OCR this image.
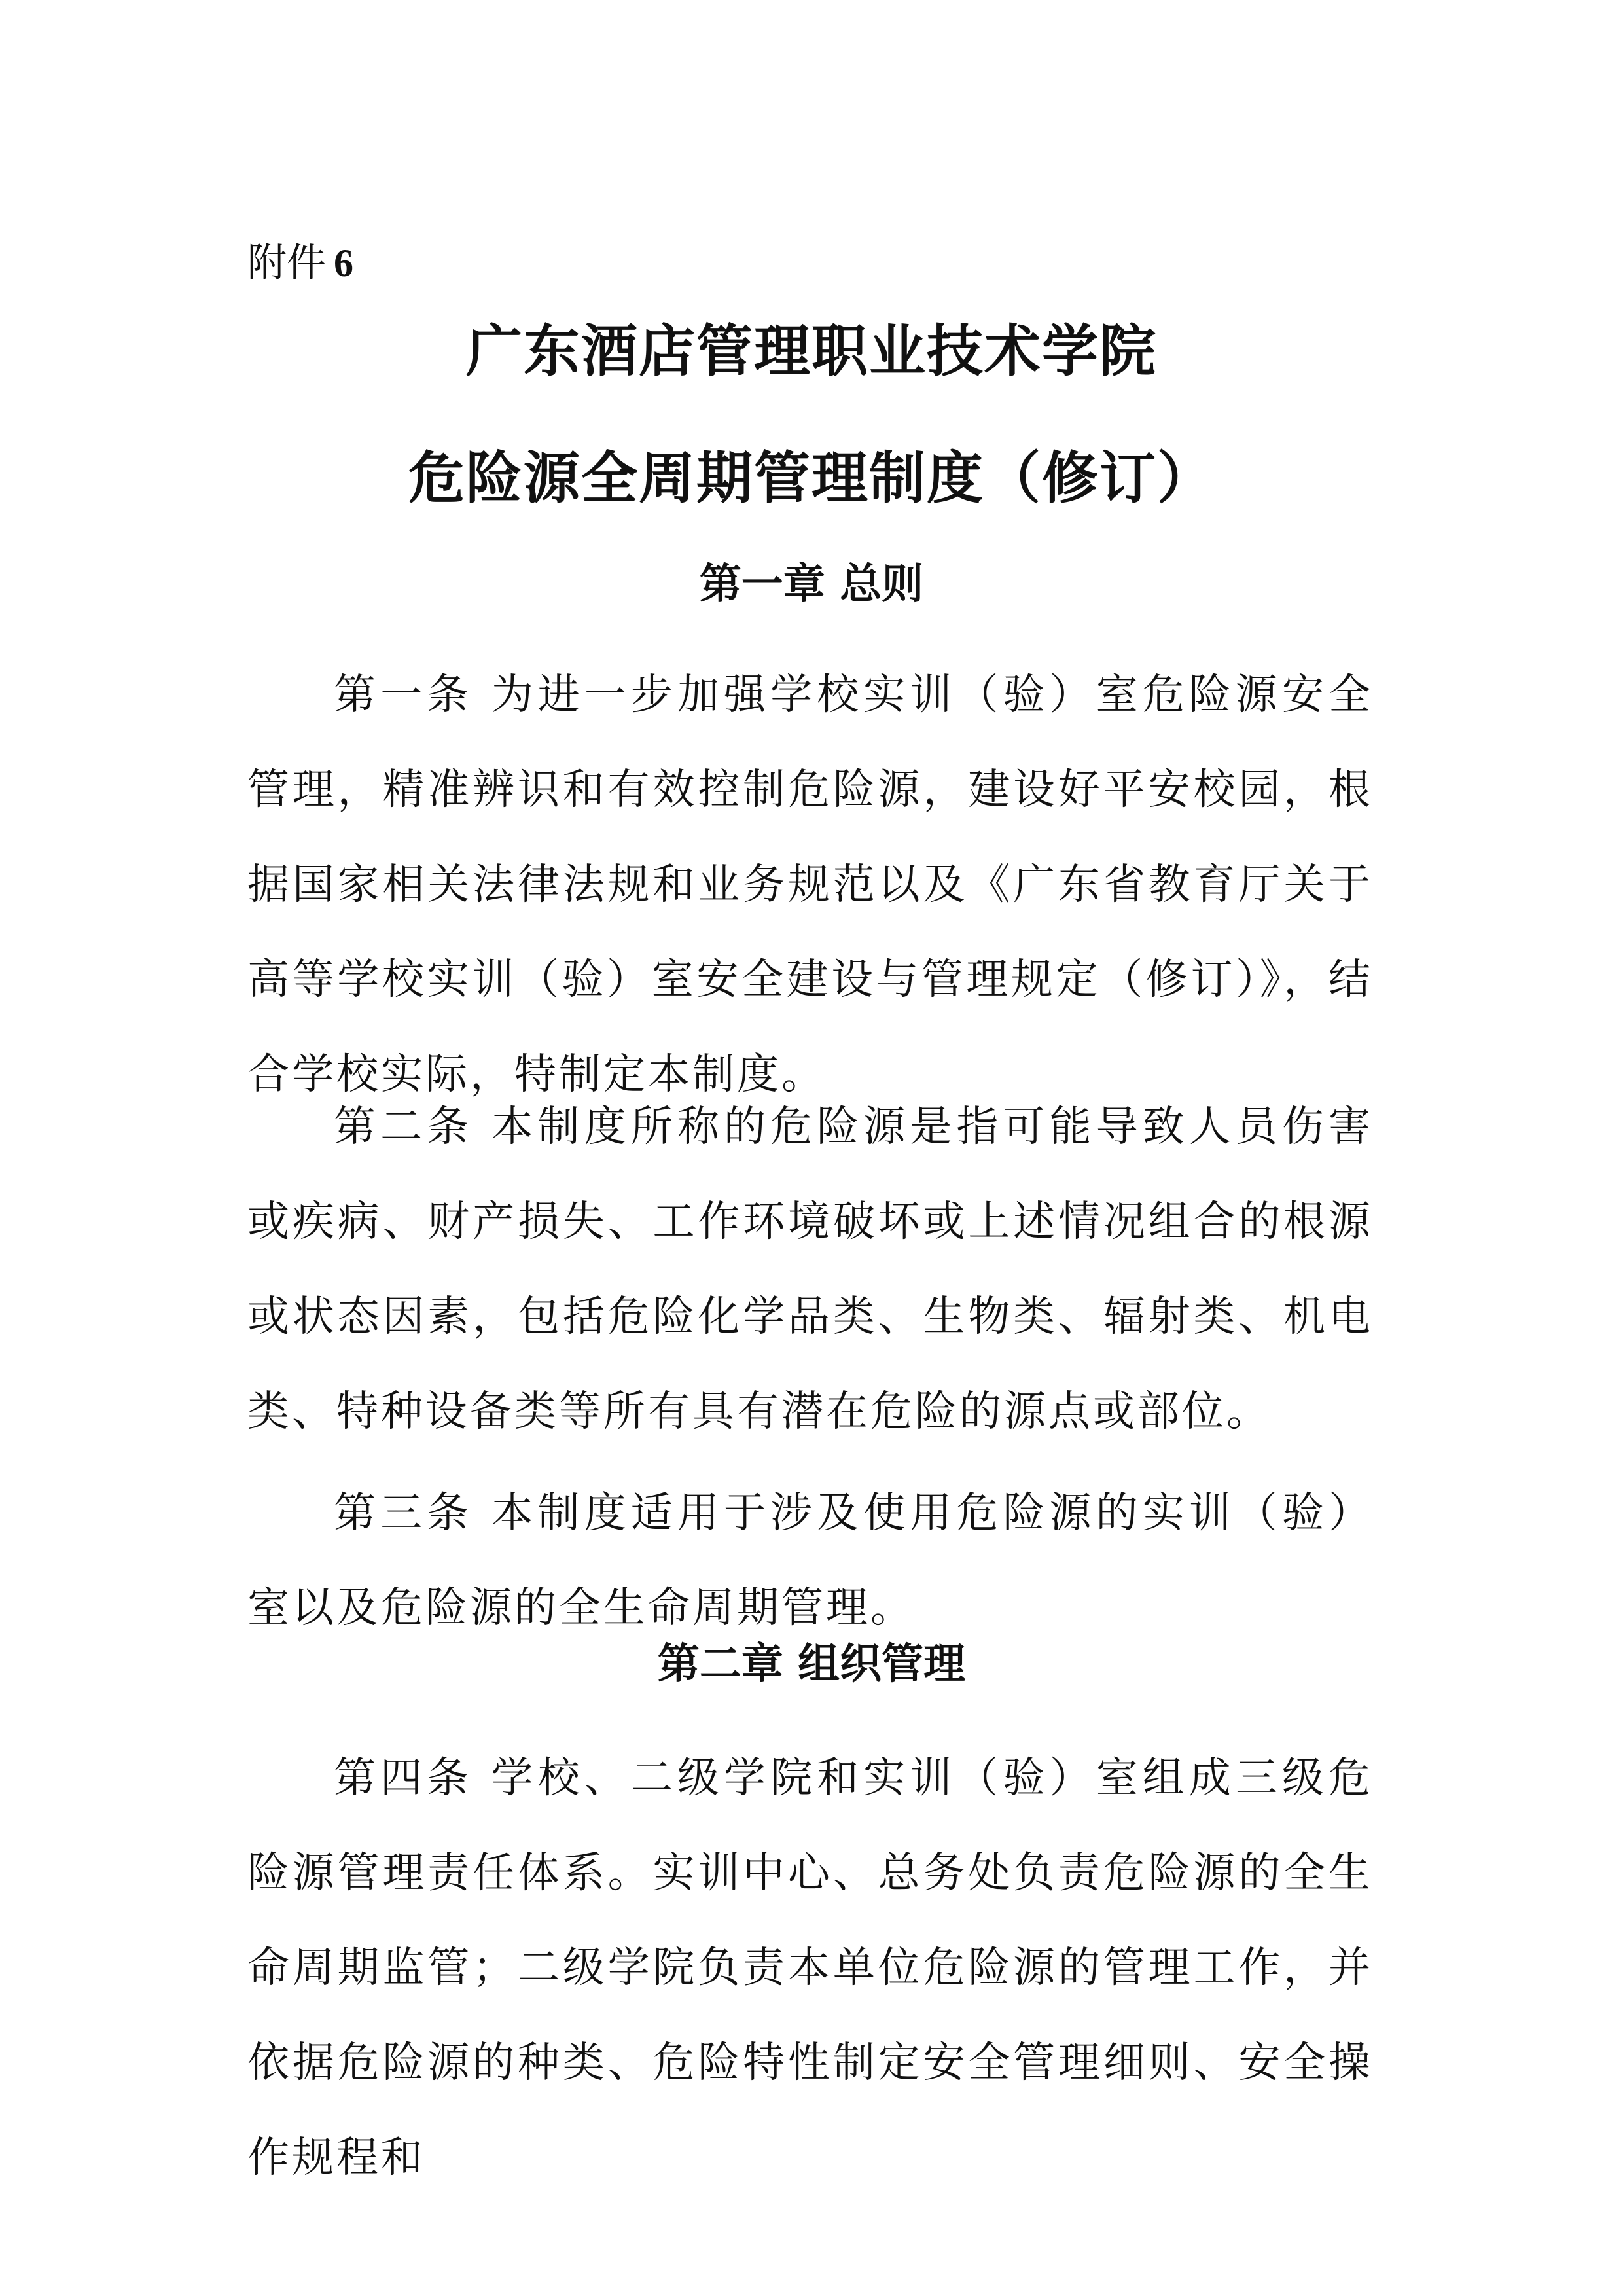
附件 6
广东酒店管理职业技术学院
危险源全周期管理制度（修订）
第一章 总则
第一条 为进一步加强学校实训（验）室危险源安全管理，精准辨识和有效控制危险源，建设好平安校园，根据国家相关法律法规和业务规范以及《广东省教育厅关于高等学校实训（验）室安全建设与管理规定（修订）》，结合学校实际，特制定本制度。
第二条 本制度所称的危险源是指可能导致人员伤害或疾病、财产损失、工作环境破坏或上述情况组合的根源或状态因素，包括危险化学品类、生物类、辐射类、机电类、特种设备类等所有具有潜在危险的源点或部位。
第三条 本制度适用于涉及使用危险源的实训（验）室以及危险源的全生命周期管理。
第二章 组织管理
第四条 学校、二级学院和实训（验）室组成三级危险源管理责任体系。实训中心、总务处负责危险源的全生命周期监管；二级学院负责本单位危险源的管理工作，并依据危险源的种类、危险特性制定安全管理细则、安全操作规程和
